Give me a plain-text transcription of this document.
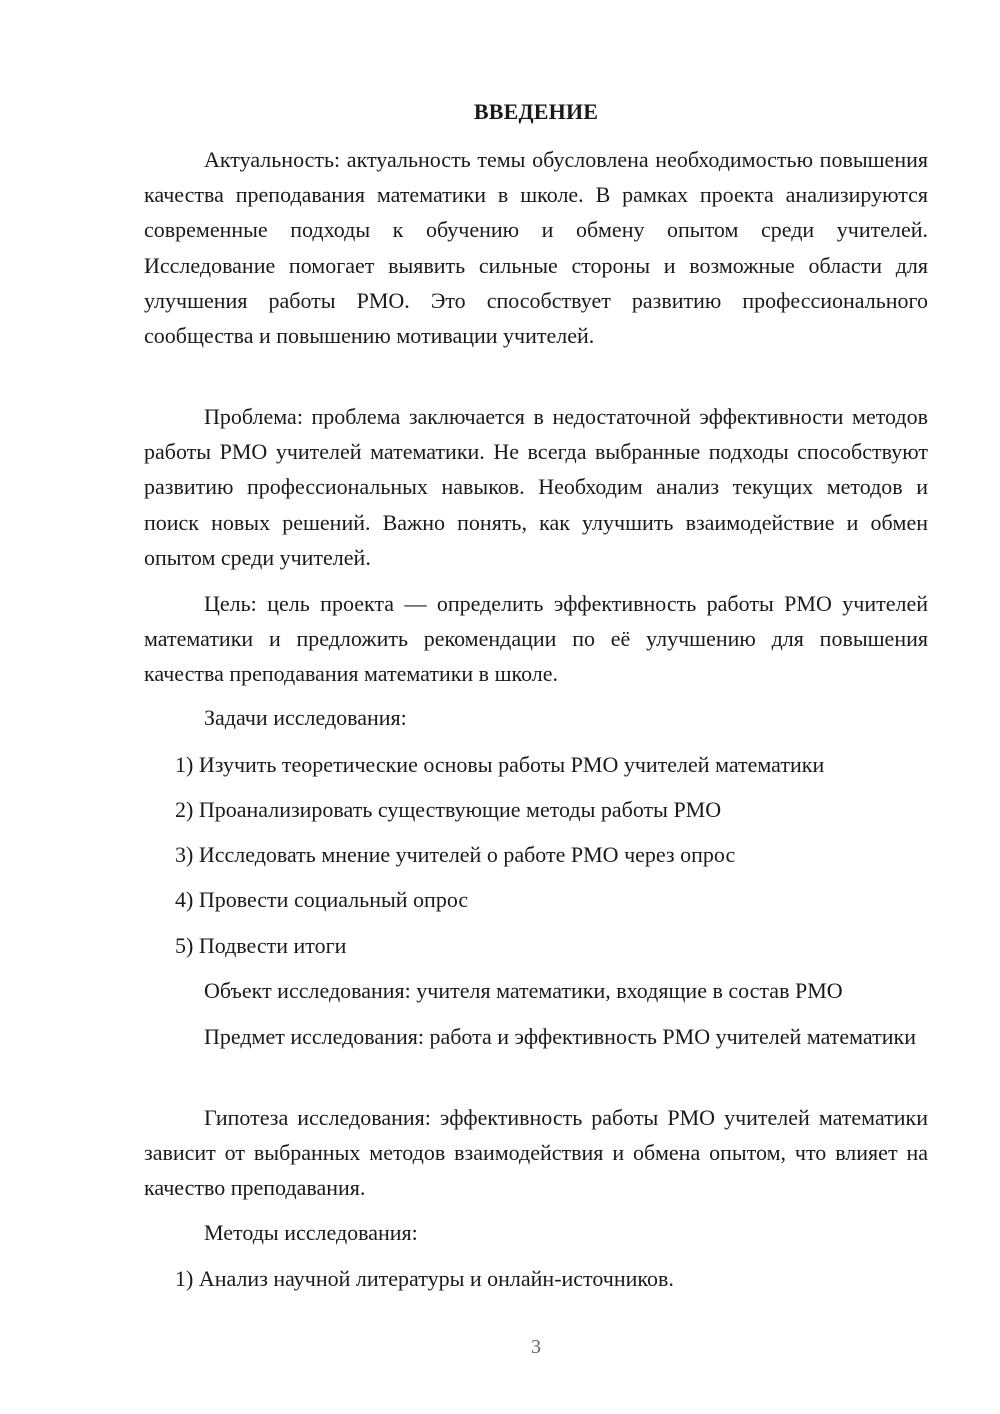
ВВЕДЕНИЕ

Актуальность: актуальность темы обусловлена необходимостью повышения качества преподавания математики в школе. В рамках проекта анализируются современные подходы к обучению и обмену опытом среди учителей. Исследование помогает выявить сильные стороны и возможные области для улучшения работы РМО. Это способствует развитию профессионального сообщества и повышению мотивации учителей.

Проблема: проблема заключается в недостаточной эффективности методов работы РМО учителей математики. Не всегда выбранные подходы способствуют развитию профессиональных навыков. Необходим анализ текущих методов и поиск новых решений. Важно понять, как улучшить взаимодействие и обмен опытом среди учителей.

Цель: цель проекта — определить эффективность работы РМО учителей математики и предложить рекомендации по её улучшению для повышения качества преподавания математики в школе.

Задачи исследования:

1) Изучить теоретические основы работы РМО учителей математики

2) Проанализировать существующие методы работы РМО

3) Исследовать мнение учителей о работе РМО через опрос

4) Провести социальный опрос

5) Подвести итоги

Объект исследования: учителя математики, входящие в состав РМО

Предмет исследования: работа и эффективность РМО учителей математики

Гипотеза исследования: эффективность работы РМО учителей математики зависит от выбранных методов взаимодействия и обмена опытом, что влияет на качество преподавания.

Методы исследования:

1) Анализ научной литературы и онлайн-источников.

3
